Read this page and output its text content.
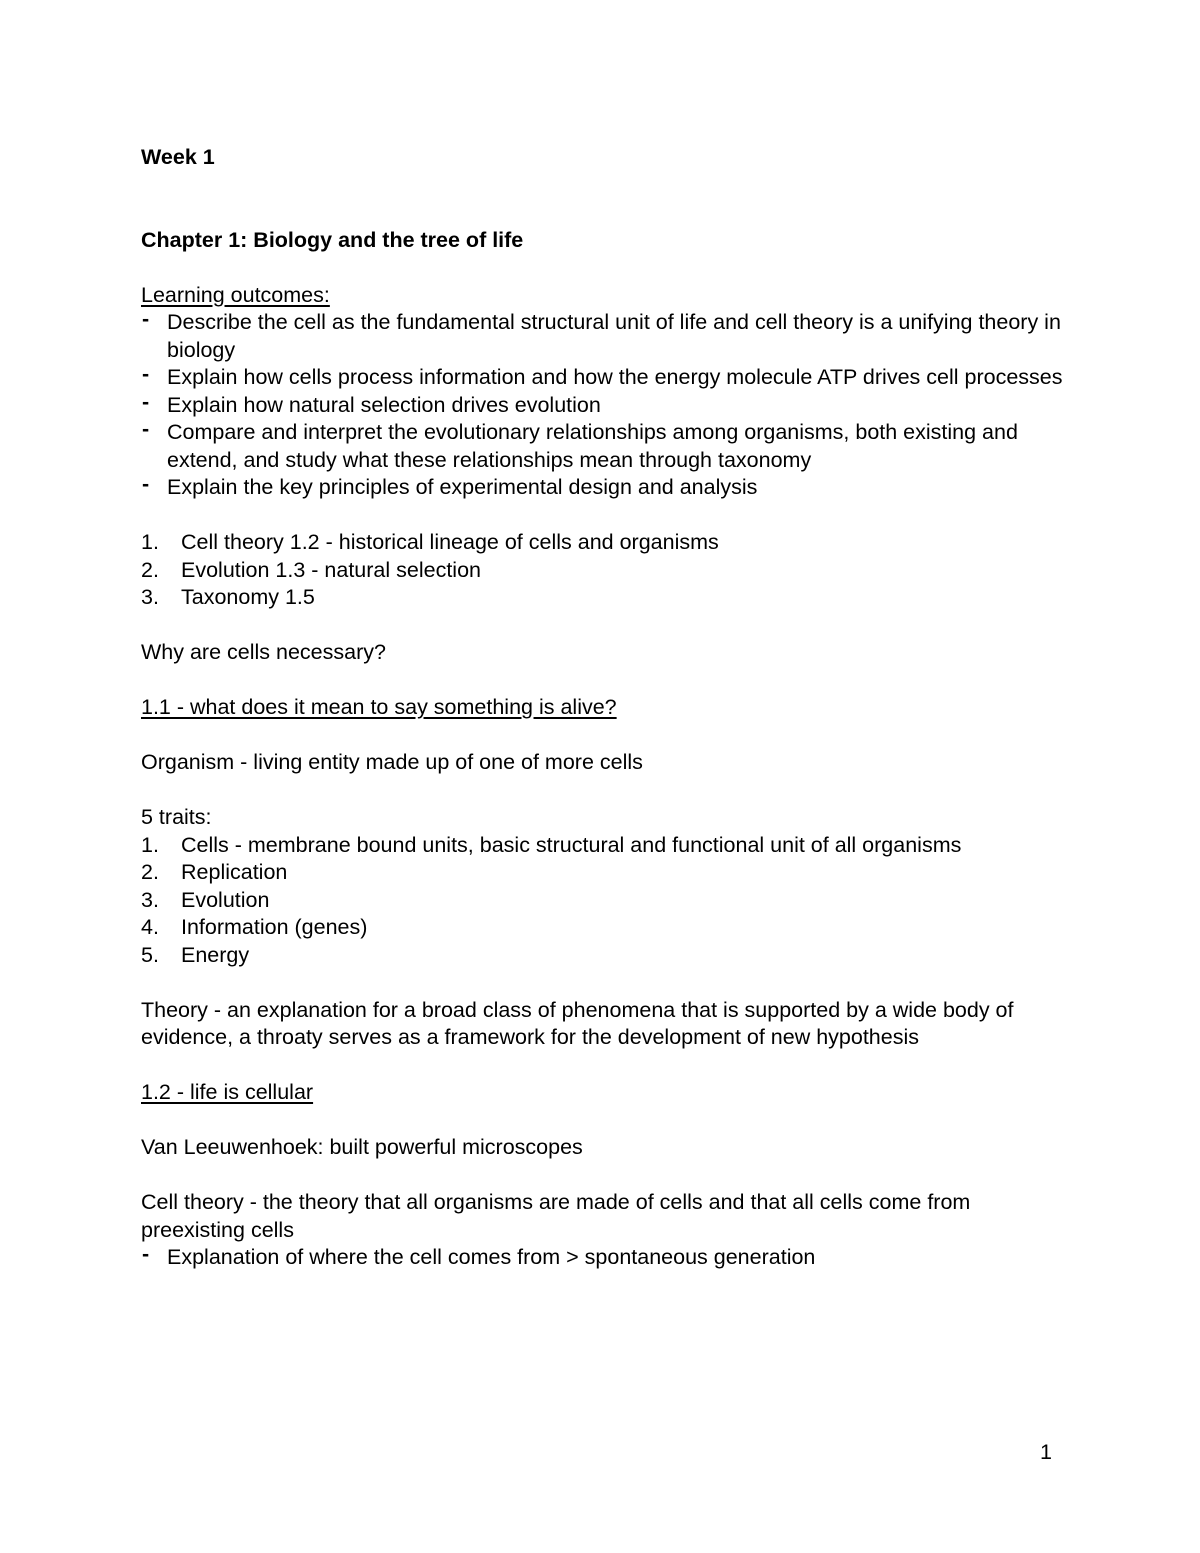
Week 1

Chapter 1: Biology and the tree of life

Learning outcomes:

- Describe the cell as the fundamental structural unit of life and cell theory is a unifying theory in biology
- Explain how cells process information and how the energy molecule ATP drives cell processes
- Explain how natural selection drives evolution
- Compare and interpret the evolutionary relationships among organisms, both existing and extend, and study what these relationships mean through taxonomy
- Explain the key principles of experimental design and analysis
1. Cell theory 1.2 - historical lineage of cells and organisms
2. Evolution 1.3 - natural selection
3. Taxonomy 1.5

Why are cells necessary?

1.1 - what does it mean to say something is alive?

Organism - living entity made up of one of more cells

5 traits:

1. Cells - membrane bound units, basic structural and functional unit of all organisms
2. Replication
3. Evolution
4. Information (genes)
5. Energy

Theory - an explanation for a broad class of phenomena that is supported by a wide body of evidence, a throaty serves as a framework for the development of new hypothesis

1.2 - life is cellular

Van Leeuwenhoek: built powerful microscopes

Cell theory - the theory that all organisms are made of cells and that all cells come from preexisting cells

- Explanation of where the cell comes from > spontaneous generation
1
